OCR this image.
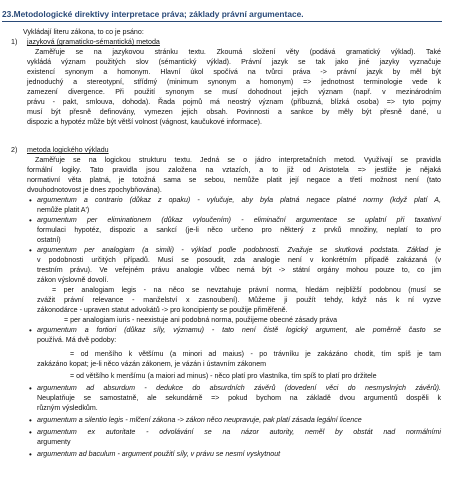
23.Metodologické direktivy interpretace práva; základy právní argumentace.
Vykládají literu zákona, to co je psáno:
1) jazyková (gramaticko-sémantická) metoda
Zaměřuje se na jazykovou stránku textu. Zkoumá složení věty (podává gramatický výklad). Také
vykládá význam použitých slov (sémantický výklad). Právní jazyk se tak jako jiné jazyky vyznačuje
existencí synonym a homonym. Hlavní úkol spočívá na tvůrci práva -> právní jazyk by měl být
jednoduchý a stereotypní, střídmý (minimum synonym a homonym) => jednotnost terminologie vede k
zamezení divergence. Při použití synonym se musí dohodnout jejich význam (např. v mezinárodním
právu - pakt, smlouva, dohoda). Řada pojmů má neostrý význam (příbuzná, blízká osoba) => tyto pojmy
musí být přesně definovány, vymezen jejich obsah. Povinnosti a sankce by měly být přesně dané, u
dispozic a hypotéz může být větší volnost (vágnost, kaučukové informace).
2) metoda logického výkladu
Zaměřuje se na logickou strukturu textu. Jedná se o jádro interpretačních metod. Využívají se pravidla
formální logiky. Tato pravidla jsou založena na vztazích, a to již od Aristotela => jestliže je nějaká
normativní věta platná, je totožná sama se sebou, nemůže platit její negace a třetí možnost není (tato
dvouhodnotovost je dnes zpochybňována).
• argumentum a contrario (důkaz z opaku) - vylučuje, aby byla platná negace platné normy (když platí A,
nemůže platit A')
• argumentum per eliminationem (důkaz vyloučením) - eliminační argumentace se uplatní při taxativní
formulaci hypotéz, dispozic a sankcí (je-li něco určeno pro některý z prvků množiny, neplatí to pro
ostatní)
• argumentum per analogiam (a simili) - výklad podle podobnosti. Zvažuje se skutková podstata. Základ je
v podobnosti určitých případů. Musí se posoudit, zda analogie není v konkrétním případě zakázaná (v
trestním právu). Ve veřejném právu analogie vůbec nemá být -> státní orgány mohou pouze to, co jim
zákon výslovně dovolí.
= per analogiam legis - na něco se nevztahuje právní norma, hledám nejbližší podobnou (musí se
zvážit právní relevance - manželství x zasnoubení). Můžeme ji použít tehdy, když nás k ní vyzve
zákonodárce - upraven statut advokátů -> pro koncipienty se použije přiměřeně.
= per analogiam iuris - neexistuje ani podobná norma, použijeme obecné zásady práva
• argumentum a fortiori (důkaz síly, významu) - tato není čistě logický argument, ale poměrně často se
používá. Má dvě podoby:
= od menšího k většímu (a minori ad maius) - po trávníku je zakázáno chodit, tím spíš je tam
zakázáno kopat; je-li něco vázán zákonem, je vázán i ústavním zákonem
= od většího k menšímu (a maiori ad minus) - něco platí pro vlastníka, tím spíš to platí pro držitele
• argumentum ad absurdum - dedukce do absurdních závěrů (dovedení věci do nesmyslných závěrů).
Neuplatňuje se samostatně, ale sekundárně => pokud bychom na základě dvou argumentů dospěli k
různým výsledkům.
• argumentum a silentio legis - mlčení zákona -> zákon něco neupravuje, pak platí zásada legální licence
• argumentum ex autoritate - odvolávání se na názor autority, neměl by obstát nad normálními
argumenty
• argumentum ad baculum - argument použití síly, v právu se nesmí vyskytnout
